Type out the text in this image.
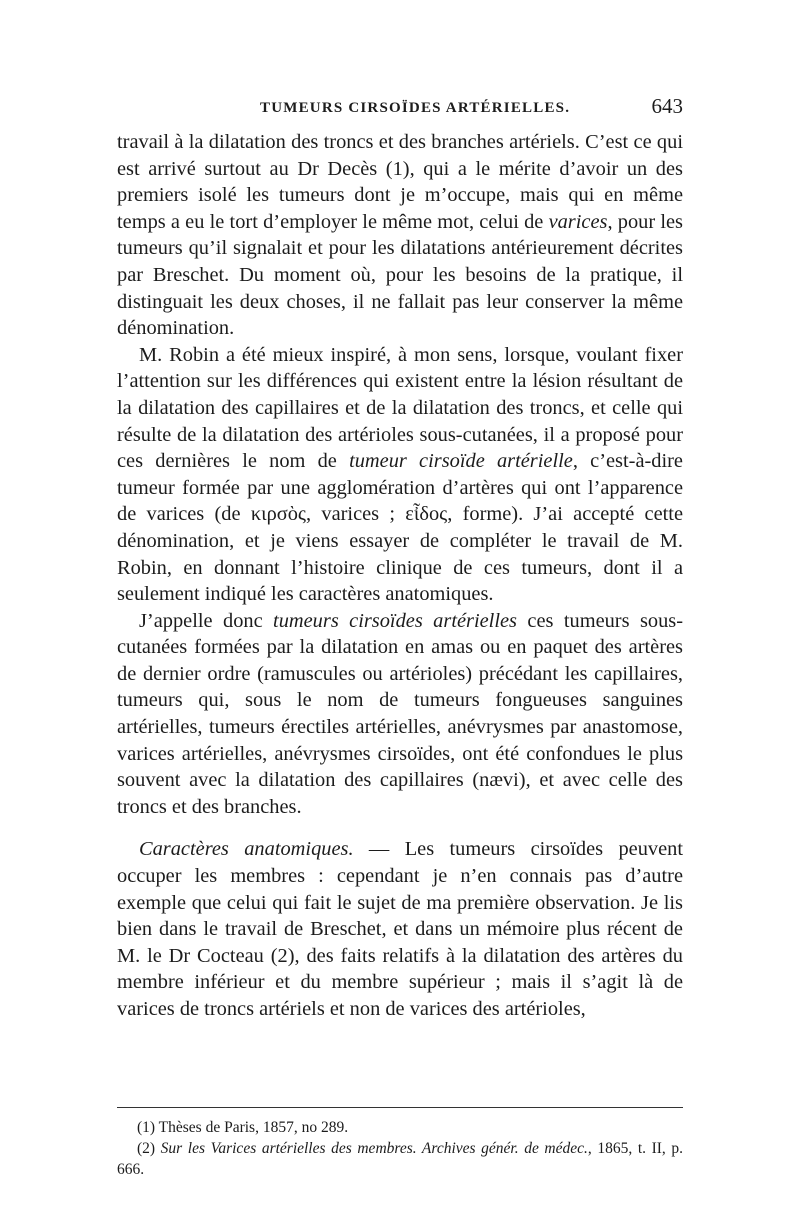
TUMEURS CIRSOÏDES ARTÉRIELLES.	643

travail à la dilatation des troncs et des branches artériels. C’est ce qui est arrivé surtout au Dr Decès (1), qui a le mérite d’avoir un des premiers isolé les tumeurs dont je m’occupe, mais qui en même temps a eu le tort d’employer le même mot, celui de varices, pour les tumeurs qu’il signalait et pour les dilatations antérieurement décrites par Breschet. Du moment où, pour les besoins de la pratique, il distinguait les deux choses, il ne fallait pas leur conserver la même dénomination.

M. Robin a été mieux inspiré, à mon sens, lorsque, voulant fixer l’attention sur les différences qui existent entre la lésion résultant de la dilatation des capillaires et de la dilatation des troncs, et celle qui résulte de la dilatation des artérioles sous-cutanées, il a proposé pour ces dernières le nom de tumeur cirsoïde artérielle, c’est-à-dire tumeur formée par une agglomération d’artères qui ont l’apparence de varices (de κιρσὸς, varices ; εἶδος, forme). J’ai accepté cette dénomination, et je viens essayer de compléter le travail de M. Robin, en donnant l’histoire clinique de ces tumeurs, dont il a seulement indiqué les caractères anatomiques.

J’appelle donc tumeurs cirsoïdes artérielles ces tumeurs sous-cutanées formées par la dilatation en amas ou en paquet des artères de dernier ordre (ramuscules ou artérioles) précédant les capillaires, tumeurs qui, sous le nom de tumeurs fongueuses sanguines artérielles, tumeurs érectiles artérielles, anévrysmes par anastomose, varices artérielles, anévrysmes cirsoïdes, ont été confondues le plus souvent avec la dilatation des capillaires (nævi), et avec celle des troncs et des branches.

Caractères anatomiques. — Les tumeurs cirsoïdes peuvent occuper les membres : cependant je n’en connais pas d’autre exemple que celui qui fait le sujet de ma première observation. Je lis bien dans le travail de Breschet, et dans un mémoire plus récent de M. le Dr Cocteau (2), des faits relatifs à la dilatation des artères du membre inférieur et du membre supérieur ; mais il s’agit là de varices de troncs artériels et non de varices des artérioles,

(1) Thèses de Paris, 1857, no 289.

(2) Sur les Varices artérielles des membres. Archives génér. de médec., 1865, t. II, p. 666.
